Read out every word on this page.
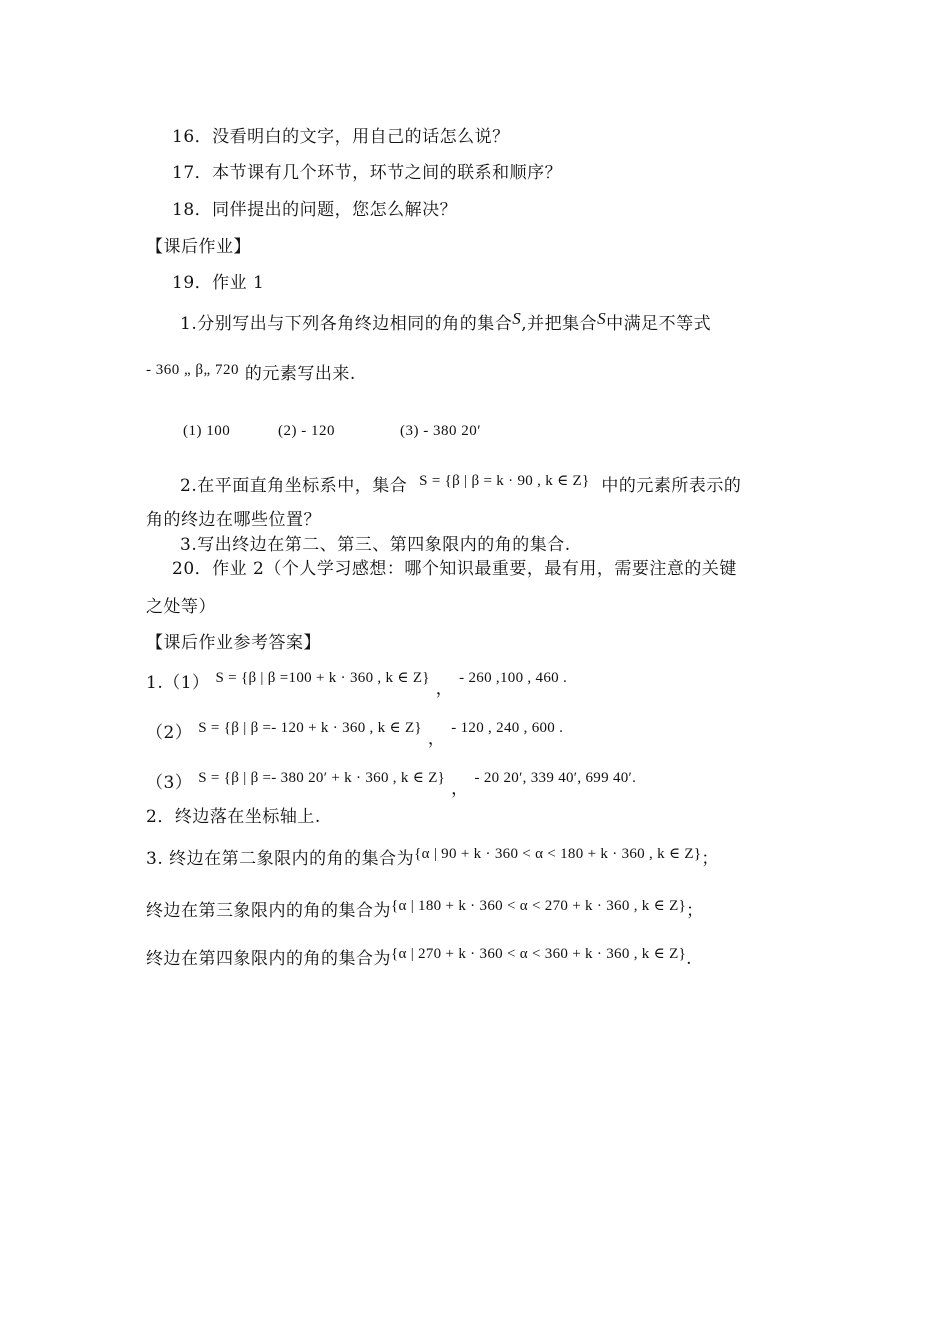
16．没看明白的文字，用自己的话怎么说？
17．本节课有几个环节，环节之间的联系和顺序？
18．同伴提出的问题，您怎么解决？
【课后作业】
19．作业 1
1.分别写出与下列各角终边相同的角的集合S,并把集合S中满足不等式
- 360 „ β„ 720 的元素写出来.
(1) 100	(2) - 120	(3) - 380 20′
2.在平面直角坐标系中，集合 S = {β | β = k · 90 , k ∈ Z} 中的元素所表示的
角的终边在哪些位置？
3.写出终边在第二、第三、第四象限内的角的集合.
20．作业 2（个人学习感想：哪个知识最重要，最有用，需要注意的关键
之处等）
【课后作业参考答案】
1.（1） S = {β | β =100 + k · 360 , k ∈ Z} ， - 260 ,100 , 460 .
（2） S = {β | β =- 120 + k · 360 , k ∈ Z} ， - 120 , 240 , 600 .
（3） S = {β | β =- 380 20′ + k · 360 , k ∈ Z} ， - 20 20′, 339 40′, 699 40′.
2．终边落在坐标轴上.
3. 终边在第二象限内的角的集合为{α | 90 + k · 360 < α < 180 + k · 360 , k ∈ Z}；
终边在第三象限内的角的集合为{α | 180 + k · 360 < α < 270 + k · 360 , k ∈ Z}；
终边在第四象限内的角的集合为{α | 270 + k · 360 < α < 360 + k · 360 , k ∈ Z}.
